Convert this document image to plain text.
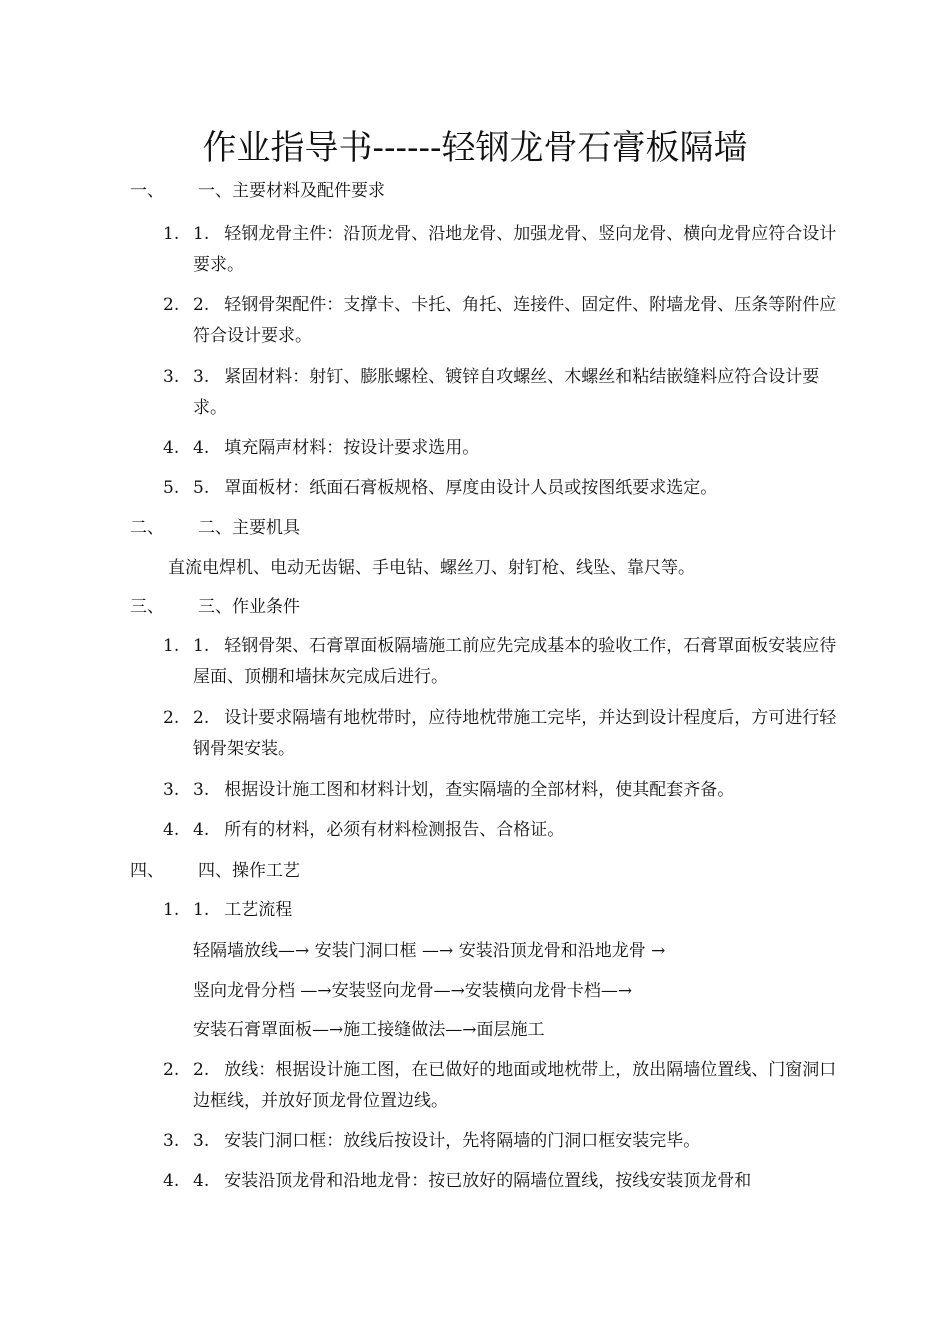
作业指导书------轻钢龙骨石膏板隔墙
一、 一、主要材料及配件要求
1. 1. 轻钢龙骨主件：沿顶龙骨、沿地龙骨、加强龙骨、竖向龙骨、横向龙骨应符合设计要求。
2. 2. 轻钢骨架配件：支撑卡、卡托、角托、连接件、固定件、附墙龙骨、压条等附件应符合设计要求。
3. 3. 紧固材料：射钉、膨胀螺栓、镀锌自攻螺丝、木螺丝和粘结嵌缝料应符合设计要求。
4. 4. 填充隔声材料：按设计要求选用。
5. 5. 罩面板材：纸面石膏板规格、厚度由设计人员或按图纸要求选定。
二、 二、主要机具
直流电焊机、电动无齿锯、手电钻、螺丝刀、射钉枪、线坠、靠尺等。
三、 三、作业条件
1. 1. 轻钢骨架、石膏罩面板隔墙施工前应先完成基本的验收工作，石膏罩面板安装应待屋面、顶棚和墙抹灰完成后进行。
2. 2. 设计要求隔墙有地枕带时，应待地枕带施工完毕，并达到设计程度后，方可进行轻钢骨架安装。
3. 3. 根据设计施工图和材料计划，查实隔墙的全部材料，使其配套齐备。
4. 4. 所有的材料，必须有材料检测报告、合格证。
四、 四、操作工艺
1. 1. 工艺流程
轻隔墙放线—→ 安装门洞口框 —→ 安装沿顶龙骨和沿地龙骨 →
竖向龙骨分档 —→安装竖向龙骨—→安装横向龙骨卡档—→
安装石膏罩面板—→施工接缝做法—→面层施工
2. 2. 放线：根据设计施工图，在已做好的地面或地枕带上，放出隔墙位置线、门窗洞口边框线，并放好顶龙骨位置边线。
3. 3. 安装门洞口框：放线后按设计，先将隔墙的门洞口框安装完毕。
4. 4. 安装沿顶龙骨和沿地龙骨：按已放好的隔墙位置线，按线安装顶龙骨和
